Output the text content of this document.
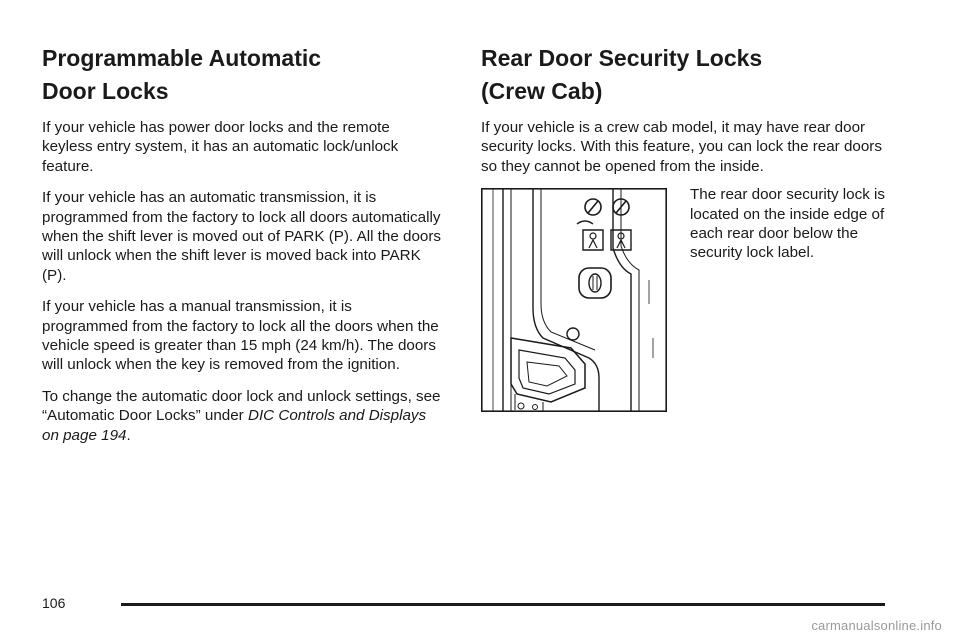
Programmable Automatic
Door Locks

If your vehicle has power door locks and the remote keyless entry system, it has an automatic lock/unlock feature.

If your vehicle has an automatic transmission, it is programmed from the factory to lock all doors automatically when the shift lever is moved out of PARK (P). All the doors will unlock when the shift lever is moved back into PARK (P).

If your vehicle has a manual transmission, it is programmed from the factory to lock all the doors when the vehicle speed is greater than 15 mph (24 km/h). The doors will unlock when the key is removed from the ignition.

To change the automatic door lock and unlock settings, see “Automatic Door Locks” under DIC Controls and Displays on page 194.

Rear Door Security Locks
(Crew Cab)

If your vehicle is a crew cab model, it may have rear door security locks. With this feature, you can lock the rear doors so they cannot be opened from the inside.

The rear door security lock is located on the inside edge of each rear door below the security lock label.

106
carmanualsonline.info
